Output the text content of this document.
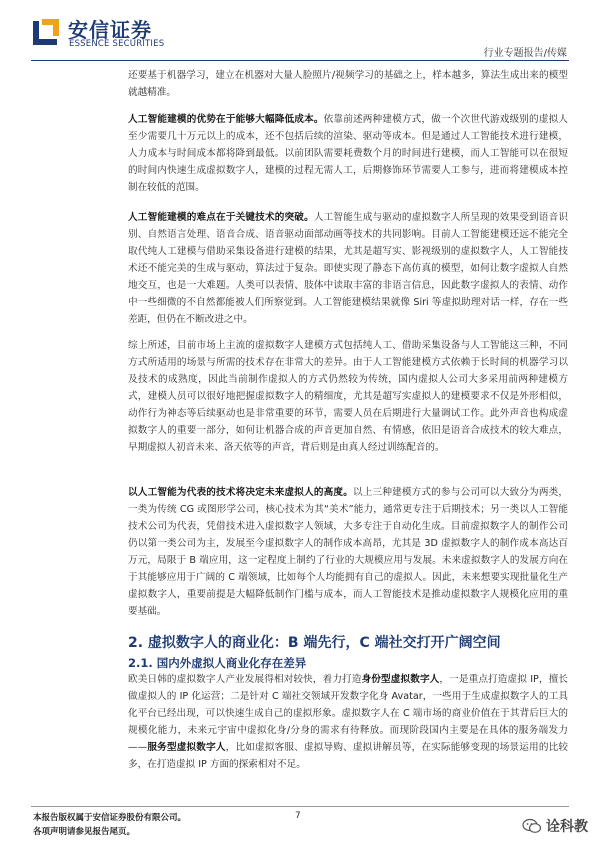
安信证券
ESSENCE SECURITIES
行业专题报告/传媒

还要基于机器学习，建立在机器对大量人脸照片/视频学习的基础之上，样本越多，算法生成出来的模型就越精准。

人工智能建模的优势在于能够大幅降低成本。依靠前述两种建模方式，做一个次世代游戏级别的虚拟人至少需要几十万元以上的成本，还不包括后续的渲染、驱动等成本。但是通过人工智能技术进行建模，人力成本与时间成本都将降到最低。以前团队需要耗费数个月的时间进行建模，而人工智能可以在很短的时间内快速生成虚拟数字人，建模的过程无需人工，后期修饰环节需要人工参与，进而将建模成本控制在较低的范围。

人工智能建模的难点在于关键技术的突破。人工智能生成与驱动的虚拟数字人所呈现的效果受到语音识别、自然语言处理、语音合成、语音驱动面部动画等技术的共同影响。目前人工智能建模还远不能完全取代纯人工建模与借助采集设备进行建模的结果，尤其是超写实、影视级别的虚拟数字人，人工智能技术还不能完美的生成与驱动，算法过于复杂。即使实现了静态下高仿真的模型，如何让数字虚拟人自然地交互，也是一大难题。人类可以表情、肢体中读取丰富的非语言信息，因此数字虚拟人的表情、动作中一些细微的不自然都能被人们所察觉到。人工智能建模结果就像 Siri 等虚拟助理对话一样，存在一些差距，但仍在不断改进之中。

综上所述，目前市场上主流的虚拟数字人建模方式包括纯人工、借助采集设备与人工智能这三种，不同方式所适用的场景与所需的技术存在非常大的差异。由于人工智能建模方式依赖于长时间的机器学习以及技术的成熟度，因此当前制作虚拟人的方式仍然较为传统，国内虚拟人公司大多采用前两种建模方式，建模人员可以很好地把握虚拟数字人的精细度，尤其是超写实虚拟人的建模要求不仅是外形相似，动作行为神态等后续驱动也是非常重要的环节，需要人员在后期进行大量调试工作。此外声音也构成虚拟数字人的重要一部分，如何让机器合成的声音更加自然、有情感，依旧是语音合成技术的较大难点，早期虚拟人初音未来、洛天依等的声音，背后则是由真人经过训练配音的。

以人工智能为代表的技术将决定未来虚拟人的高度。以上三种建模方式的参与公司可以大致分为两类，一类为传统 CG 或图形学公司，核心技术为其“美术”能力，通常更专注于后期技术；另一类以人工智能技术公司为代表，凭借技术进入虚拟数字人领域，大多专注于自动化生成。目前虚拟数字人的制作公司仍以第一类公司为主，发展至今虚拟数字人的制作成本高昂，尤其是 3D 虚拟数字人的制作成本高达百万元，局限于 B 端应用，这一定程度上制约了行业的大规模应用与发展。未来虚拟数字人的发展方向在于其能够应用于广阔的 C 端领域，比如每个人均能拥有自己的虚拟人。因此，未来想要实现批量化生产虚拟数字人，重要前提是大幅降低制作门槛与成本，而人工智能技术是推动虚拟数字人规模化应用的重要基础。

2. 虚拟数字人的商业化：B 端先行，C 端社交打开广阔空间
2.1. 国内外虚拟人商业化存在差异

欧美日韩的虚拟数字人产业发展得相对较快，着力打造身份型虚拟数字人，一是重点打造虚拟 IP，擅长做虚拟人的 IP 化运营；二是针对 C 端社交领域开发数字化身 Avatar，一些用于生成虚拟数字人的工具化平台已经出现，可以快速生成自己的虚拟形象。虚拟数字人在 C 端市场的商业价值在于其背后巨大的规模化能力，未来元宇宙中虚拟化身/分身的需求有待释放。而现阶段国内主要是在具体的服务端发力——服务型虚拟数字人，比如虚拟客服、虚拟导购、虚拟讲解员等，在实际能够变现的场景运用的比较多，在打造虚拟 IP 方面的探索相对不足。

本报告版权属于安信证券股份有限公司。
各项声明请参见报告尾页。
7
诠科教
